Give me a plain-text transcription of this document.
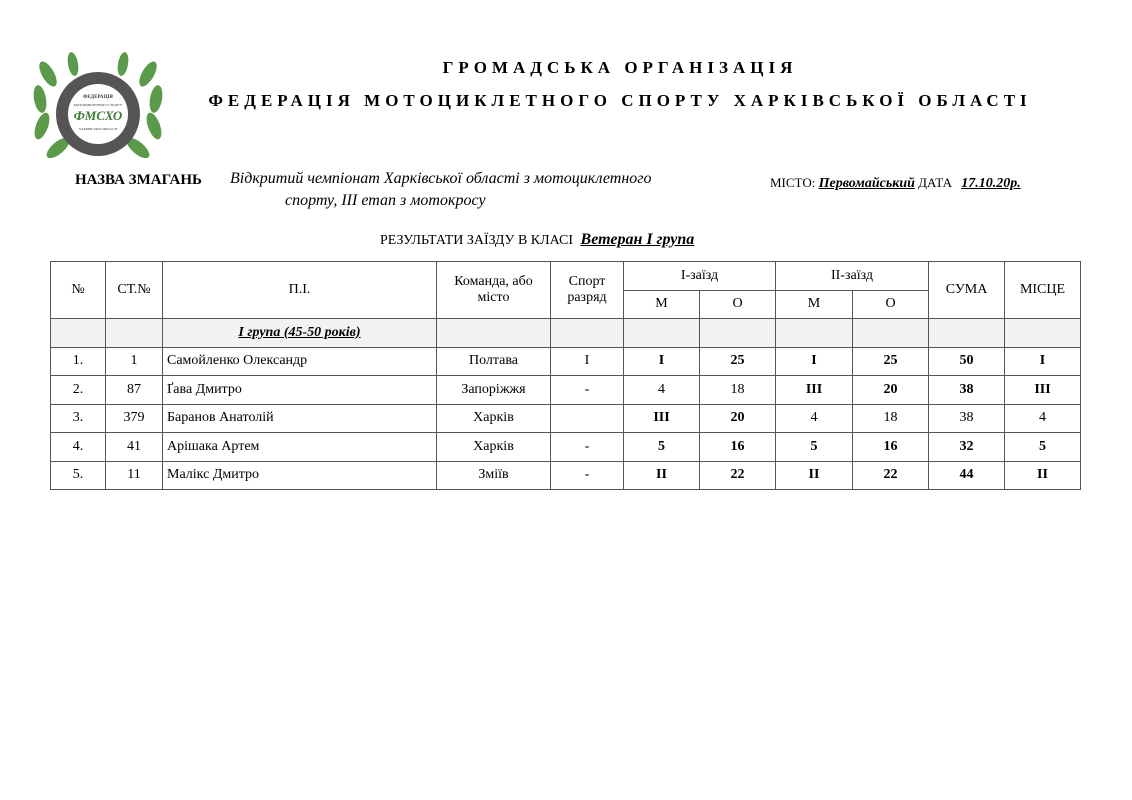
ФЕДЕРАЦІЯ
МОТОЦИКЛЕТНОГО СПОРТУ
ФМСХО
ХАРКІВСЬКОЇ ОБЛАСТІ
ГРОМАДСЬКА ОРГАНІЗАЦІЯ
ФЕДЕРАЦІЯ МОТОЦИКЛЕТНОГО СПОРТУ ХАРКІВСЬКОЇ ОБЛАСТІ
НАЗВА ЗМАГАНЬ Відкритий чемпіонат Харківської області з мотоциклетного
спорту, ІІІ етап з мотокросу
МІСТО: Первомайський ДАТА 17.10.20р.
РЕЗУЛЬТАТИ ЗАЇЗДУ В КЛАСІ Ветеран І група
№	СТ.№	П.І.	Команда, або місто	Спорт разряд	І-заїзд		ІІ-заїзд		СУМА	МІСЦЕ
					М	О	М	О		
		І група (45-50 років)								
1.	1	Самойленко Олександр	Полтава	І	І	25	І	25	50	І
2.	87	Ґава Дмитро	Запоріжжя	-	4	18	ІІІ	20	38	ІІІ
3.	379	Баранов Анатолій	Харків		ІІІ	20	4	18	38	4
4.	41	Арішака Артем	Харків	-	5	16	5	16	32	5
5.	11	Малікс Дмитро	Зміїв	-	ІІ	22	ІІ	22	44	ІІ
